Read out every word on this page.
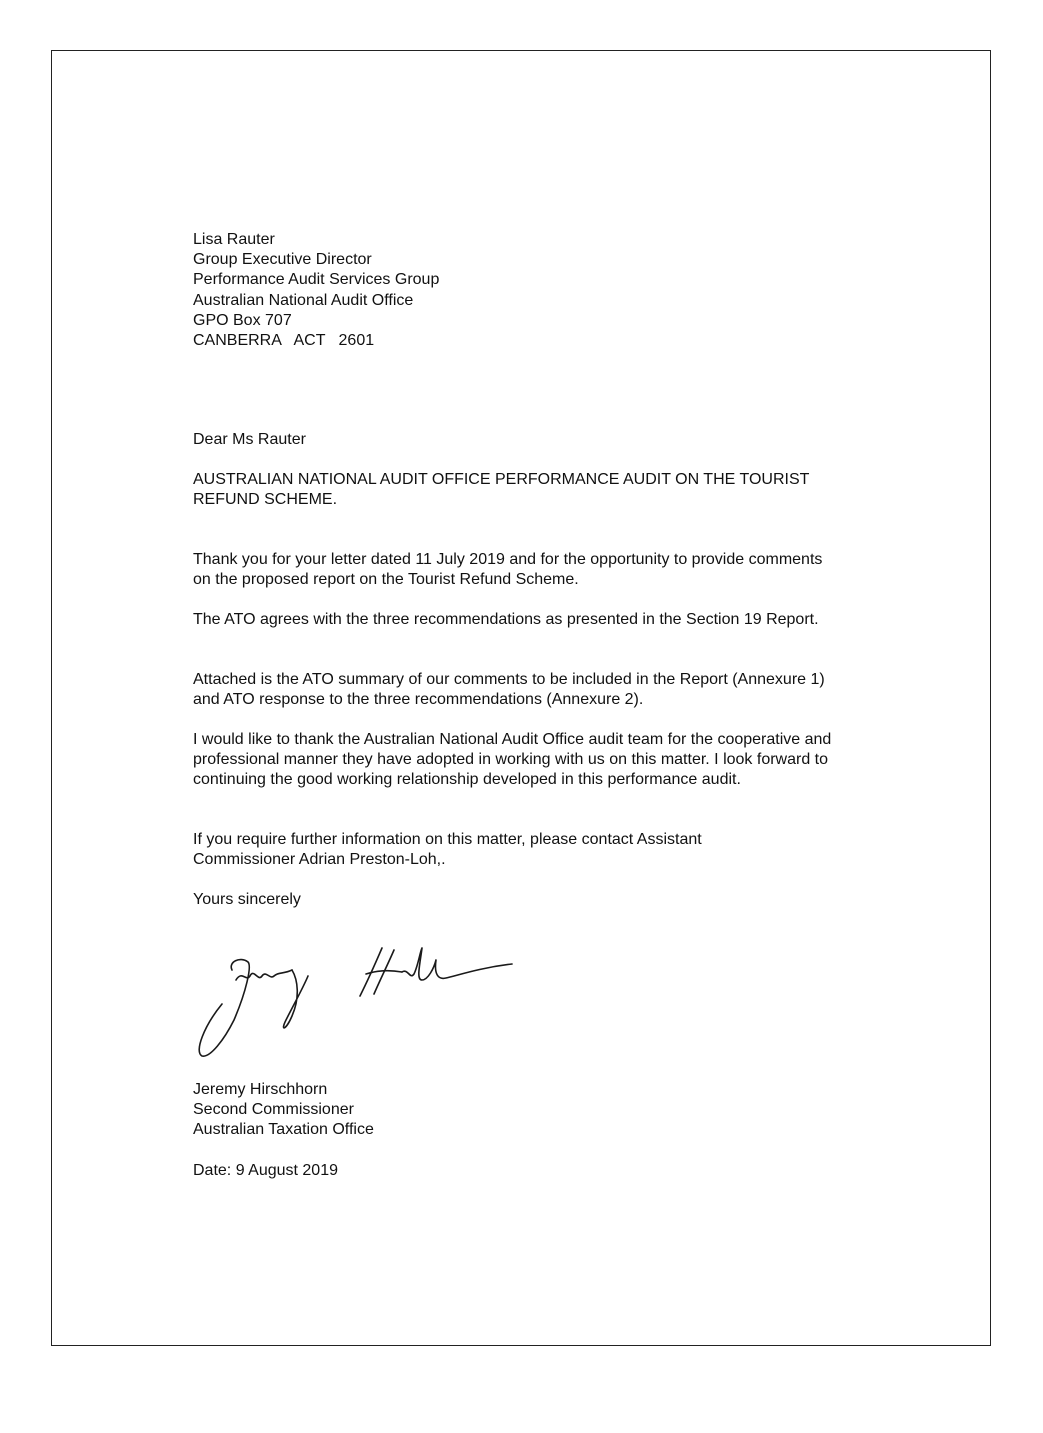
Lisa Rauter
Group Executive Director
Performance Audit Services Group
Australian National Audit Office
GPO Box 707
CANBERRA   ACT   2601

Dear Ms Rauter

AUSTRALIAN NATIONAL AUDIT OFFICE PERFORMANCE AUDIT ON THE TOURIST REFUND SCHEME.

Thank you for your letter dated 11 July 2019 and for the opportunity to provide comments on the proposed report on the Tourist Refund Scheme.

The ATO agrees with the three recommendations as presented in the Section 19 Report.

Attached is the ATO summary of our comments to be included in the Report (Annexure 1) and ATO response to the three recommendations (Annexure 2).

I would like to thank the Australian National Audit Office audit team for the cooperative and professional manner they have adopted in working with us on this matter. I look forward to continuing the good working relationship developed in this performance audit.

If you require further information on this matter, please contact Assistant Commissioner Adrian Preston-Loh,.

Yours sincerely

Jeremy Hirschhorn
Second Commissioner
Australian Taxation Office

Date: 9 August 2019
